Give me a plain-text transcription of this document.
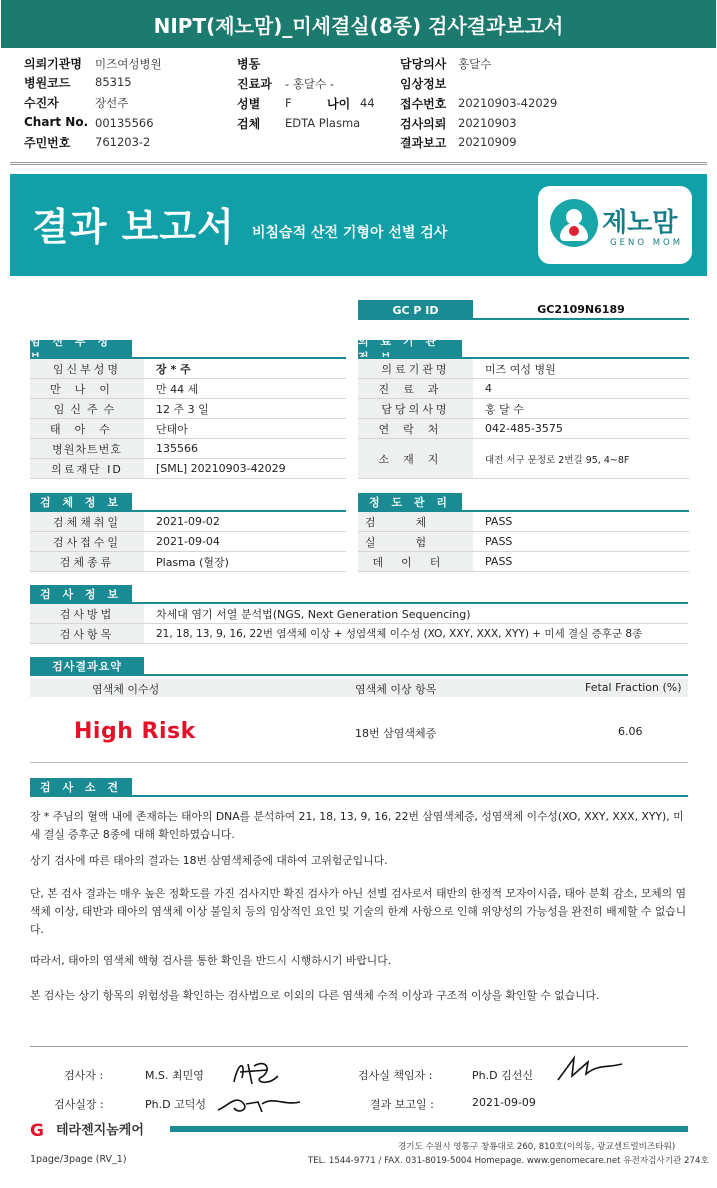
NIPT(제노맘)_미세결실(8종) 검사결과보고서
의뢰기관명 미즈여성병원
병원코드 85315
수진자	장선주
Chart No. 00135566
주민번호 761203-2
병동
진료과 - 홍달수 -
성별 F	나이 44
검체 EDTA Plasma
담당의사 홍달수
임상정보
접수번호 20210903-42029
검사의뢰 20210903
결과보고 20210909
결과 보고서 비침습적 산전 기형아 선별 검사	제노맘
GENO MOM
GC P ID	GC2109N6189
임 신 부 정
임신부성명	장 * 주
만나이	만 44 세
임신주수	12 주 3 일
태아수	단태아
병원차트번호	135566
의료재단 ID	[SML] 20210903-42029
의 료 기 관
의료기관명	미즈 여성 병원
진료과	4
담당의사명	홍 달 수
연락처	042-485-3575
소재지	대전 서구 문정로 2번길 95, 4~8F
검 체 정 보
검체채취일	2021-09-02
검사접수일	2021-09-04
검체종류	Plasma (혈장)
정 도 관 리
검체	PASS
실험	PASS
데이터	PASS
검 사 정 보
검사방법	차세대 염기 서열 분석법(NGS, Next Generation Sequencing)
검사항목	21, 18, 13, 9, 16, 22번 염색체 이상 + 성염색체 이수성 (XO, XXY, XXX, XYY) + 미세 결실 증후군 8종
검사결과요약
염색체 이수성	염색체 이상 항목	Fetal Fraction (%)
High Risk	18번 삼염색체증	6.06
검 사 소 견
장 * 주님의 혈액 내에 존재하는 태아의 DNA를 분석하여 21, 18, 13, 9, 16, 22번 삼염색체증, 성염색체 이수성(XO, XXY, XXX, XYY), 미세 결실 증후군 8종에 대해 확인하였습니다.
상기 검사에 따른 태아의 결과는 18번 삼염색체증에 대하여 고위험군입니다.
단, 본 검사 결과는 매우 높은 정확도를 가진 검사지만 확진 검사가 아닌 선별 검사로서 태반의 한정적 모자이시즘, 태아 분획 감소, 모체의 염색체 이상, 태반과 태아의 염색체 이상 불일치 등의 임상적인 요인 및 기술의 한계 사항으로 인해 위양성의 가능성을 완전히 배제할 수 없습니다.
따라서, 태아의 염색체 핵형 검사를 통한 확인을 반드시 시행하시기 바랍니다.
본 검사는 상기 항목의 위험성을 확인하는 검사법으로 이외의 다른 염색체 수적 이상과 구조적 이상을 확인할 수 없습니다.
검사자 :	M.S. 최민영
검사실장 :	Ph.D 고덕성
검사실 책임자 :	Ph.D 김선신
결과 보고일 :	2021-09-09
G 테라젠지놈케어
경기도 수원시 영통구 창룡대로 260, 810호(이의동, 광교센트럴비즈타워)
TEL. 1544-9771 / FAX. 031-8019-5004 Homepage. www.genomecare.net 유전자검사기관 274호
1page/3page (RV_1)
